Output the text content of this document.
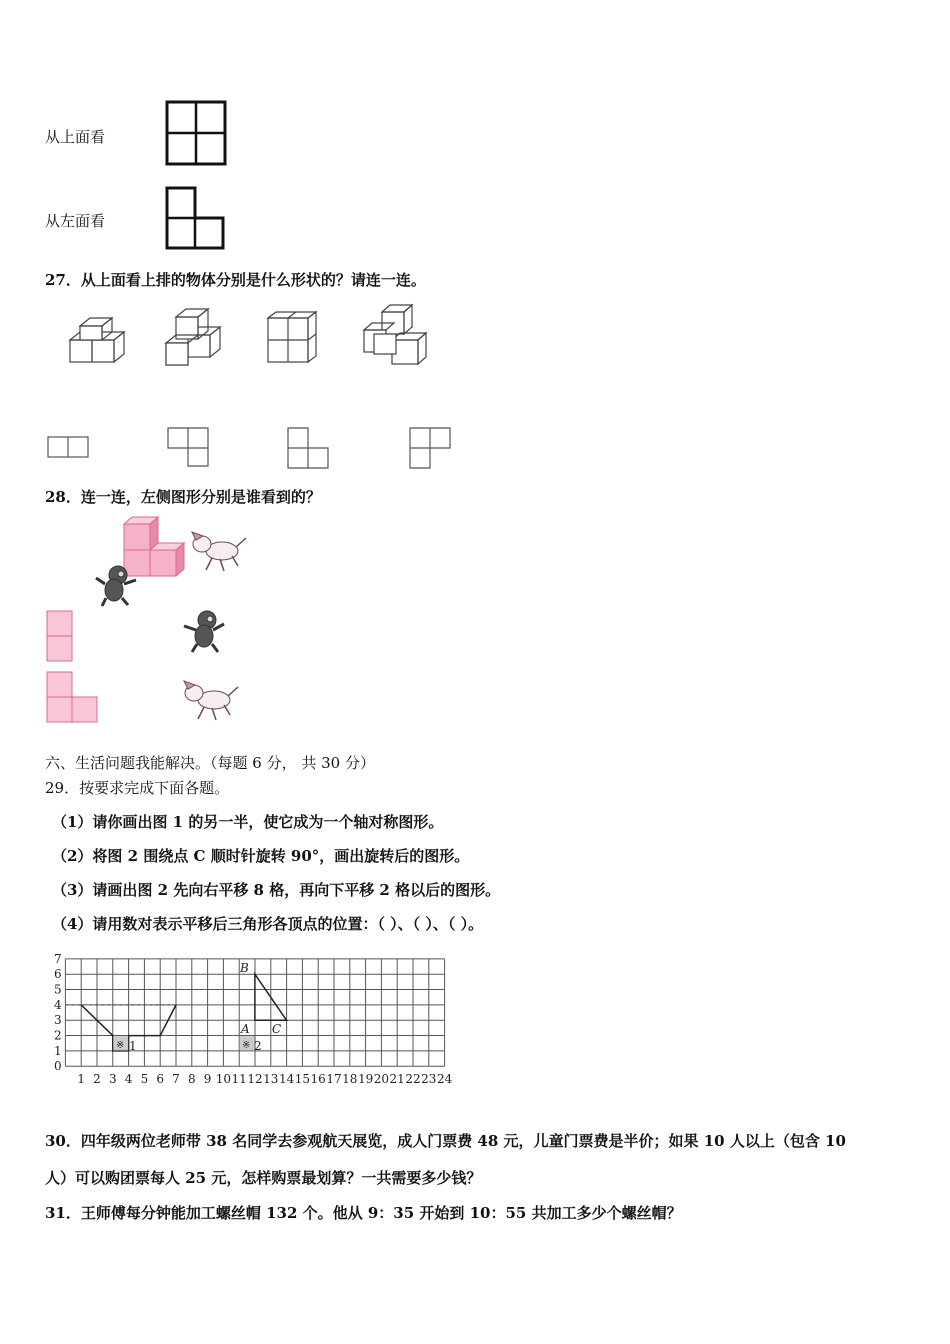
从上面看
从左面看
27．从上面看上排的物体分别是什么形状的？请连一连。
28．连一连，左侧图形分别是谁看到的？
六、生活问题我能解决。（每题 6 分， 共 30 分）
29．按要求完成下面各题。
（1）请你画出图 1 的另一半，使它成为一个轴对称图形。
（2）将图 2 围绕点 C 顺时针旋转 90°，画出旋转后的图形。
（3）请画出图 2 先向右平移 8 格，再向下平移 2 格以后的图形。
（4）请用数对表示平移后三角形各顶点的位置：（ ）、（ ）、（ ）。
0
1
2
3
4
5
6
7
1 2 3 4 5 6 7 8 9 10 11 12 13 14 15 16 17 18 19 20 21 22 23 24
※ 1	※ 2
B
A C
30．四年级两位老师带 38 名同学去参观航天展览，成人门票费 48 元，儿童门票费是半价；如果 10 人以上（包含 10
人）可以购团票每人 25 元，怎样购票最划算？一共需要多少钱？
31．王师傅每分钟能加工螺丝帽 132 个。他从 9：35 开始到 10：55 共加工多少个螺丝帽？
